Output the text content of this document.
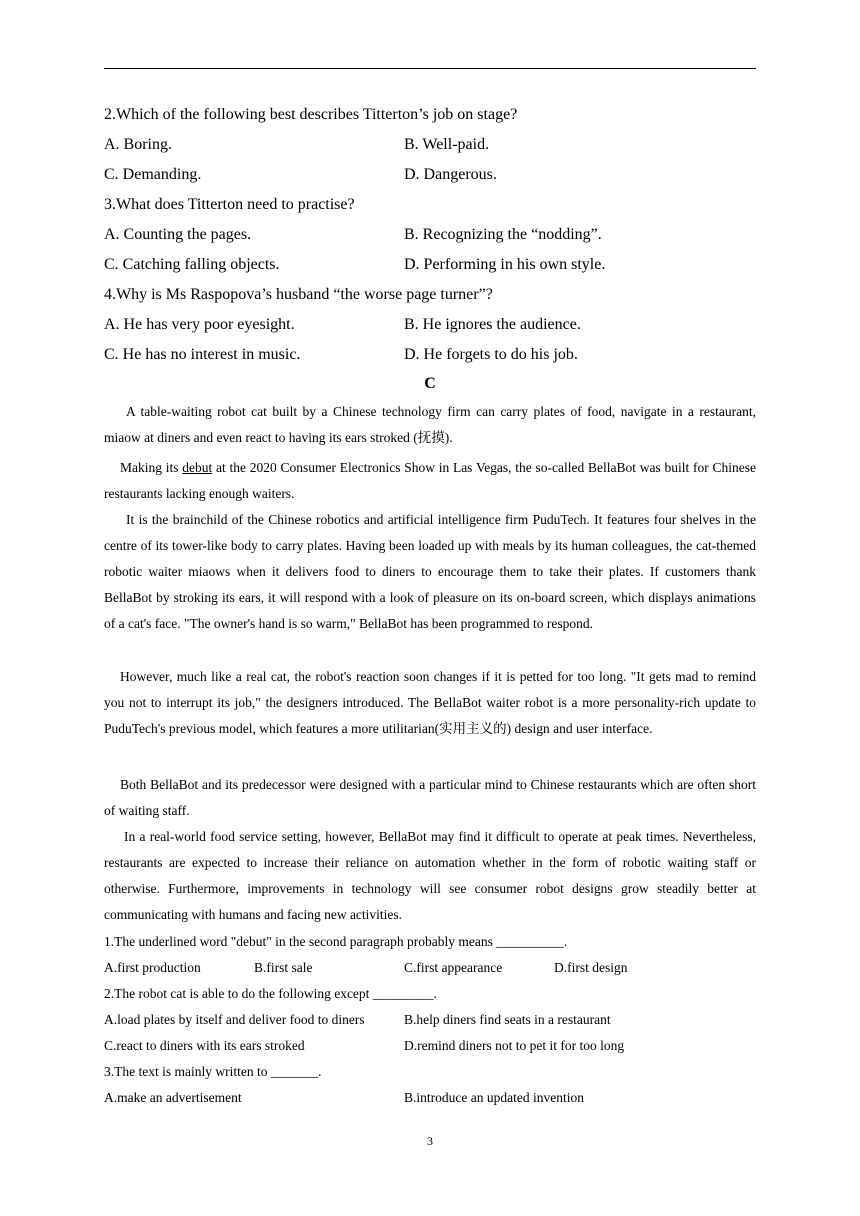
2.Which of the following best describes Titterton’s job on stage?
A. Boring.	B. Well-paid.
C. Demanding.	D. Dangerous.
3.What does Titterton need to practise?
A. Counting the pages.	B. Recognizing the “nodding”.
C. Catching falling objects.	D. Performing in his own style.
4.Why is Ms Raspopova’s husband “the worse page turner”?
A. He has very poor eyesight.	B. He ignores the audience.
C. He has no interest in music.	D. He forgets to do his job.
C

A table-waiting robot cat built by a Chinese technology firm can carry plates of food, navigate in a restaurant, miaow at diners and even react to having its ears stroked (抚摸).

Making its debut at the 2020 Consumer Electronics Show in Las Vegas, the so-called BellaBot was built for Chinese restaurants lacking enough waiters.

It is the brainchild of the Chinese robotics and artificial intelligence firm PuduTech. It features four shelves in the centre of its tower-like body to carry plates. Having been loaded up with meals by its human colleagues, the cat-themed robotic waiter miaows when it delivers food to diners to encourage them to take their plates. If customers thank BellaBot by stroking its ears, it will respond with a look of pleasure on its on-board screen, which displays animations of a cat's face. "The owner's hand is so warm," BellaBot has been programmed to respond.

However, much like a real cat, the robot's reaction soon changes if it is petted for too long. "It gets mad to remind you not to interrupt its job," the designers introduced. The BellaBot waiter robot is a more personality-rich update to PuduTech's previous model, which features a more utilitarian(实用主义的) design and user interface.

Both BellaBot and its predecessor were designed with a particular mind to Chinese restaurants which are often short of waiting staff.

In a real-world food service setting, however, BellaBot may find it difficult to operate at peak times. Nevertheless, restaurants are expected to increase their reliance on automation whether in the form of robotic waiting staff or otherwise. Furthermore, improvements in technology will see consumer robot designs grow steadily better at communicating with humans and facing new activities.

1.The underlined word "debut" in the second paragraph probably means __________.
A.first production	B.first sale	C.first appearance	D.first design
2.The robot cat is able to do the following except _________.
A.load plates by itself and deliver food to diners	B.help diners find seats in a restaurant
C.react to diners with its ears stroked	D.remind diners not to pet it for too long
3.The text is mainly written to _______.
A.make an advertisement	B.introduce an updated invention
3
